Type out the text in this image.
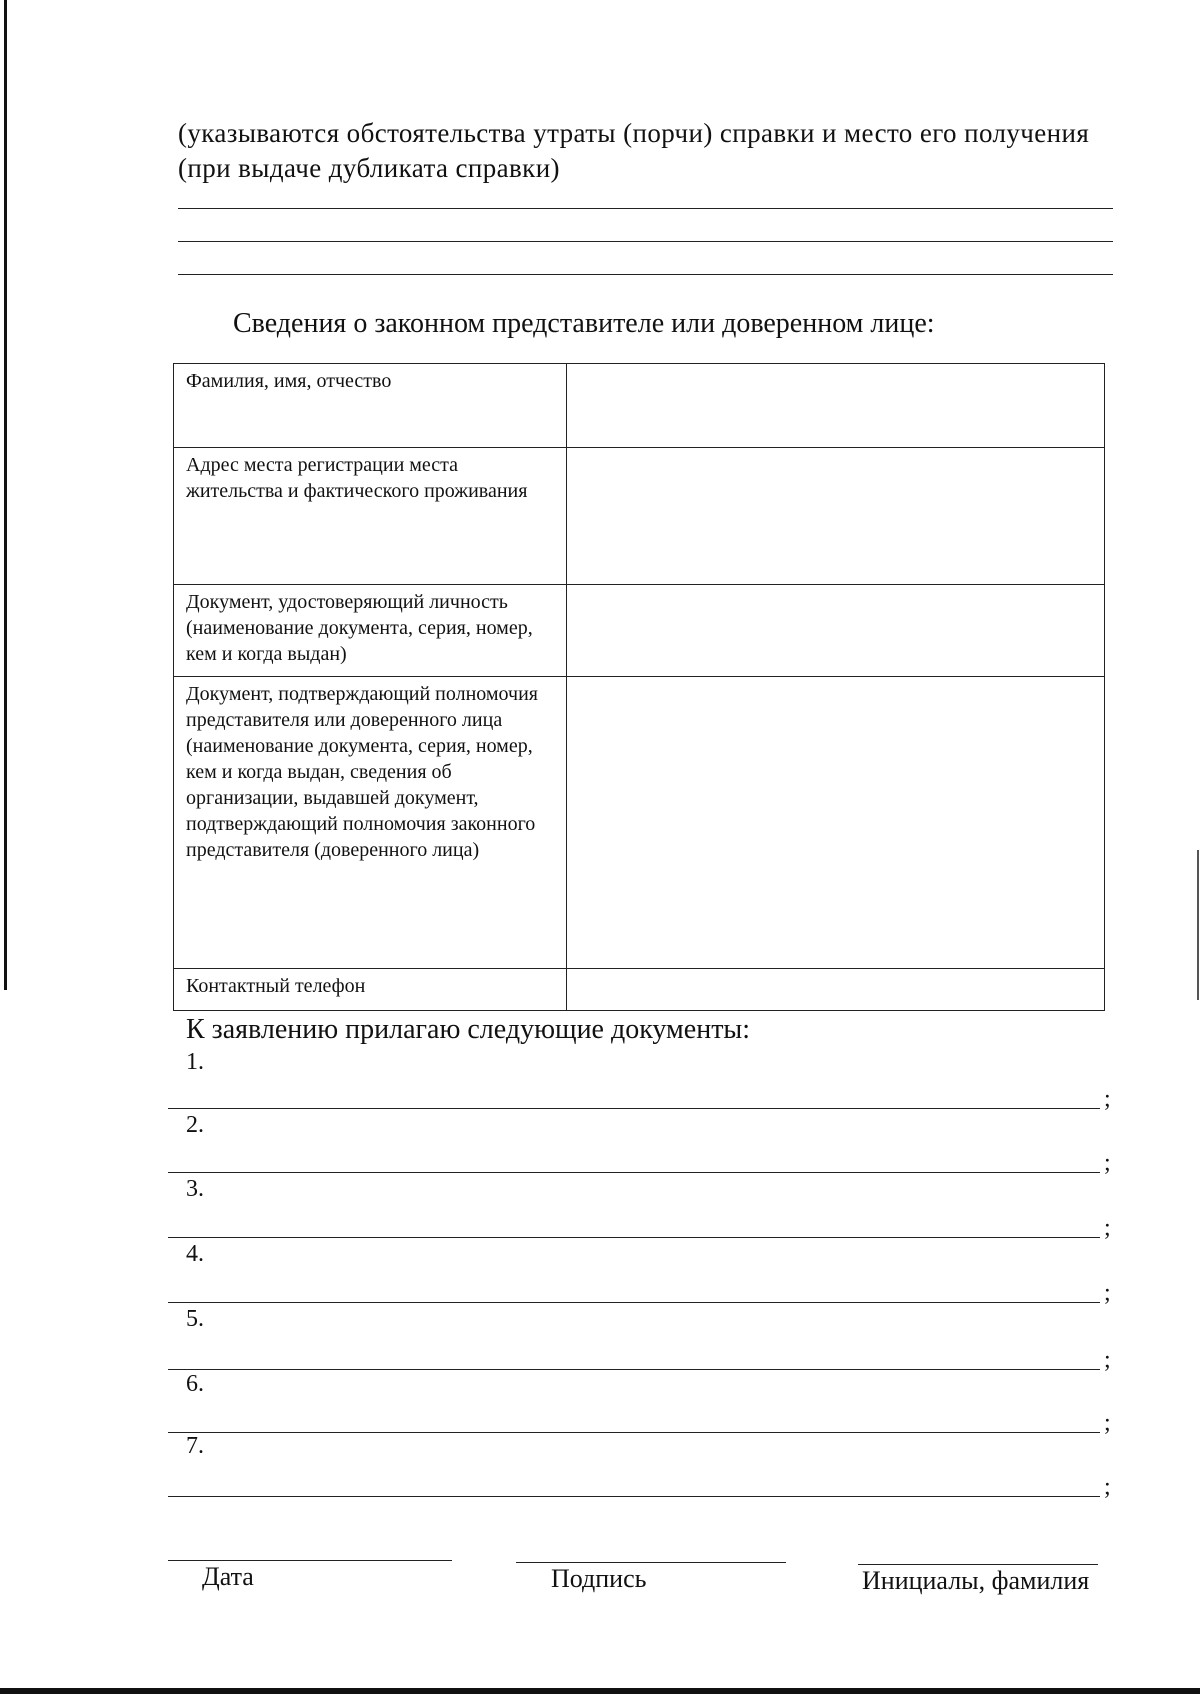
(указываются обстоятельства утраты (порчи) справки и место его получения (при выдаче дубликата справки)
Сведения о законном представителе или доверенном лице:
Фамилия, имя, отчество	
Адрес места регистрации места жительства и фактического проживания	
Документ, удостоверяющий личность (наименование документа, серия, номер, кем и когда выдан)	
Документ, подтверждающий полномочия представителя или доверенного лица (наименование документа, серия, номер, кем и когда выдан, сведения об организации, выдавшей документ, подтверждающий полномочия законного представителя (доверенного лица)	
Контактный телефон	
К заявлению прилагаю следующие документы:
1.
;
2.
;
3.
;
4.
;
5.
;
6.
;
7.
;
Дата	Подпись	Инициалы, фамилия
